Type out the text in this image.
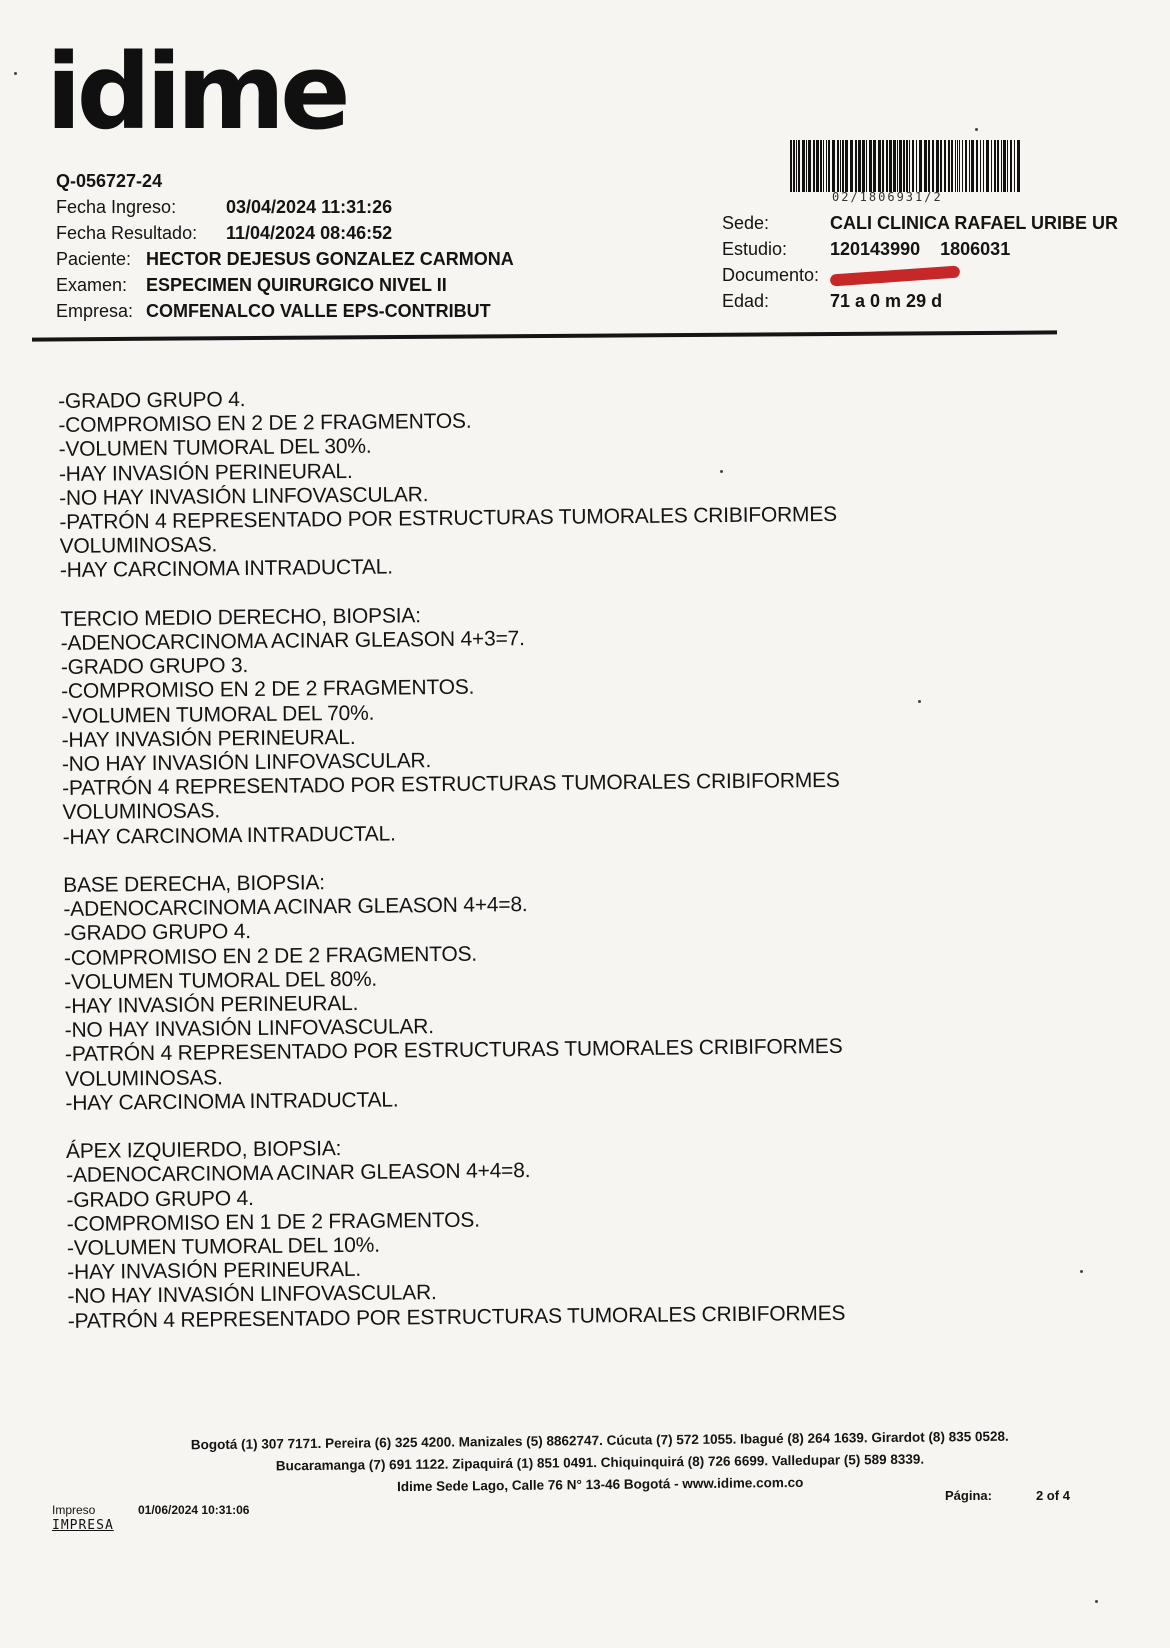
idime
Q-056727-24
Fecha Ingreso:	03/04/2024 11:31:26
Fecha Resultado: 11/04/2024 08:46:52
Paciente: HECTOR DEJESUS GONZALEZ CARMONA
Examen: ESPECIMEN QUIRURGICO NIVEL II
Empresa: COMFENALCO VALLE EPS-CONTRIBUT
02/1806931/2
Sede:	CALI CLINICA RAFAEL URIBE UR
Estudio: 120143990 1806031
Documento:
Edad:	71 a 0 m 29 d
-GRADO GRUPO 4.
-COMPROMISO EN 2 DE 2 FRAGMENTOS.
-VOLUMEN TUMORAL DEL 30%.
-HAY INVASIÓN PERINEURAL.
-NO HAY INVASIÓN LINFOVASCULAR.
-PATRÓN 4 REPRESENTADO POR ESTRUCTURAS TUMORALES CRIBIFORMES
VOLUMINOSAS.
-HAY CARCINOMA INTRADUCTAL.
TERCIO MEDIO DERECHO, BIOPSIA:
-ADENOCARCINOMA ACINAR GLEASON 4+3=7.
-GRADO GRUPO 3.
-COMPROMISO EN 2 DE 2 FRAGMENTOS.
-VOLUMEN TUMORAL DEL 70%.
-HAY INVASIÓN PERINEURAL.
-NO HAY INVASIÓN LINFOVASCULAR.
-PATRÓN 4 REPRESENTADO POR ESTRUCTURAS TUMORALES CRIBIFORMES
VOLUMINOSAS.
-HAY CARCINOMA INTRADUCTAL.
BASE DERECHA, BIOPSIA:
-ADENOCARCINOMA ACINAR GLEASON 4+4=8.
-GRADO GRUPO 4.
-COMPROMISO EN 2 DE 2 FRAGMENTOS.
-VOLUMEN TUMORAL DEL 80%.
-HAY INVASIÓN PERINEURAL.
-NO HAY INVASIÓN LINFOVASCULAR.
-PATRÓN 4 REPRESENTADO POR ESTRUCTURAS TUMORALES CRIBIFORMES
VOLUMINOSAS.
-HAY CARCINOMA INTRADUCTAL.
ÁPEX IZQUIERDO, BIOPSIA:
-ADENOCARCINOMA ACINAR GLEASON 4+4=8.
-GRADO GRUPO 4.
-COMPROMISO EN 1 DE 2 FRAGMENTOS.
-VOLUMEN TUMORAL DEL 10%.
-HAY INVASIÓN PERINEURAL.
-NO HAY INVASIÓN LINFOVASCULAR.
-PATRÓN 4 REPRESENTADO POR ESTRUCTURAS TUMORALES CRIBIFORMES
Bogotá (1) 307 7171. Pereira (6) 325 4200. Manizales (5) 8862747. Cúcuta (7) 572 1055. Ibagué (8) 264 1639. Girardot (8) 835 0528.
Bucaramanga (7) 691 1122. Zipaquirá (1) 851 0491. Chiquinquirá (8) 726 6699. Valledupar (5) 589 8339.
Idime Sede Lago, Calle 76 N° 13-46 Bogotá - www.idime.com.co
Impreso	01/06/2024 10:31:06
IMPRESA
Página:	2 of 4
